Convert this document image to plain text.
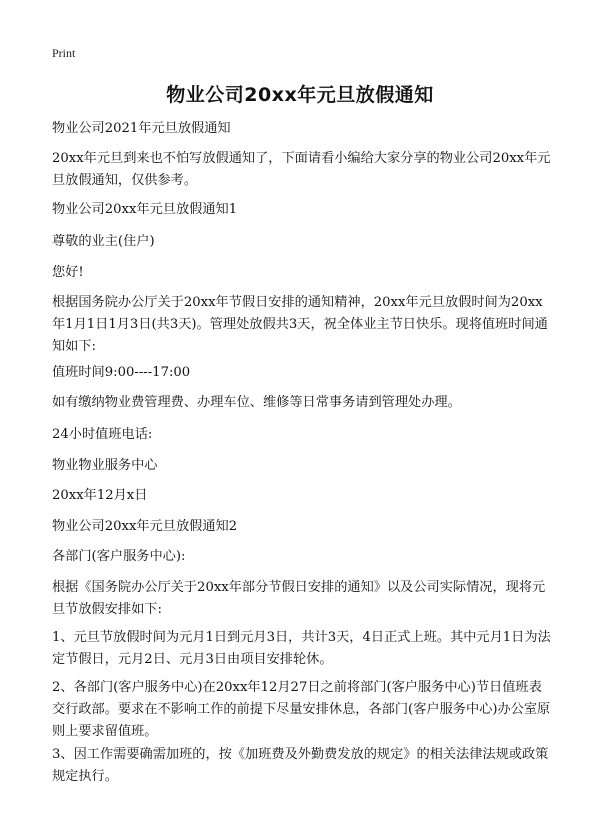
Print
物业公司20xx年元旦放假通知
物业公司2021年元旦放假通知
20xx年元旦到来也不怕写放假通知了，下面请看小编给大家分享的物业公司20xx年元旦放假通知，仅供参考。
物业公司20xx年元旦放假通知1
尊敬的业主(住户)
您好!
根据国务院办公厅关于20xx年节假日安排的通知精神，20xx年元旦放假时间为20xx年1月1日1月3日(共3天)。管理处放假共3天，祝全体业主节日快乐。现将值班时间通知如下:
值班时间9:00----17:00
如有缴纳物业费管理费、办理车位、维修等日常事务请到管理处办理。
24小时值班电话:
物业物业服务中心
20xx年12月x日
物业公司20xx年元旦放假通知2
各部门(客户服务中心):
根据《国务院办公厅关于20xx年部分节假日安排的通知》以及公司实际情况，现将元旦节放假安排如下:
1、元旦节放假时间为元月1日到元月3日，共计3天，4日正式上班。其中元月1日为法定节假日，元月2日、元月3日由项目安排轮休。
2、各部门(客户服务中心)在20xx年12月27日之前将部门(客户服务中心)节日值班表交行政部。要求在不影响工作的前提下尽量安排休息，各部门(客户服务中心)办公室原则上要求留值班。
3、因工作需要确需加班的，按《加班费及外勤费发放的规定》的相关法律法规或政策规定执行。
